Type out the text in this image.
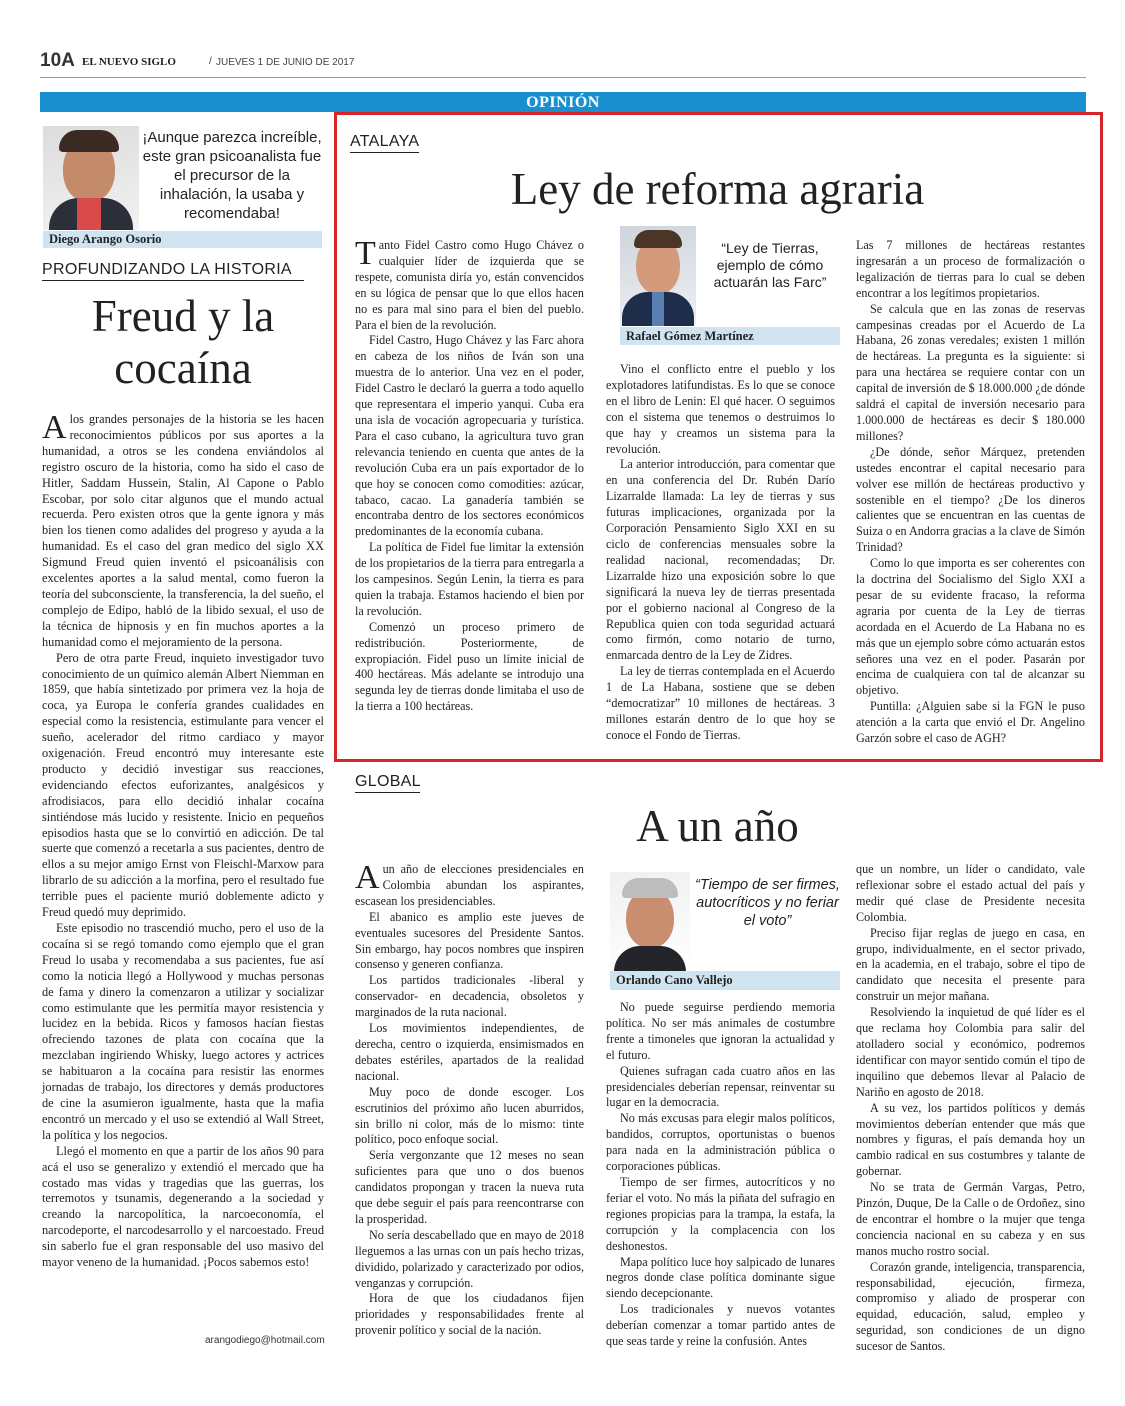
10A EL NUEVO SIGLO	/ JUEVES 1 DE JUNIO DE 2017
OPINIÓN
¡Aunque parezca increíble, este gran psicoanalista fue el precursor de la inhalación, la usaba y recomendaba!
Diego Arango Osorio
PROFUNDIZANDO LA HISTORIA
Freud y la
cocaína

Alos grandes personajes de la historia se les hacen reconocimientos públicos por sus aportes a la humanidad, a otros se les condena enviándolos al registro oscuro de la historia, como ha sido el caso de Hitler, Saddam Hussein, Stalin, Al Capone o Pablo Escobar, por solo citar algunos que el mundo actual recuerda. Pero existen otros que la gente ignora y más bien los tienen como adalides del progreso y ayuda a la humanidad. Es el caso del gran medico del siglo XX Sigmund Freud quien inventó el psicoanálisis con excelentes aportes a la salud mental, como fueron la teoría del subconsciente, la transferencia, la del sueño, el complejo de Edipo, habló de la libido sexual, el uso de la técnica de hipnosis y en fin muchos aportes a la humanidad como el mejoramiento de la persona.

Pero de otra parte Freud, inquieto investigador tuvo conocimiento de un químico alemán Albert Niemman en 1859, que había sintetizado por primera vez la hoja de coca, ya Europa le confería grandes cualidades en especial como la resistencia, estimulante para vencer el sueño, acelerador del ritmo cardiaco y mayor oxigenación. Freud encontró muy interesante este producto y decidió investigar sus reacciones, evidenciando efectos euforizantes, analgésicos y afrodisiacos, para ello decidió inhalar cocaína sintiéndose más lucido y resistente. Inicio en pequeños episodios hasta que se lo convirtió en adicción. De tal suerte que comenzó a recetarla a sus pacientes, dentro de ellos a su mejor amigo Ernst von Fleischl-Marxow para librarlo de su adicción a la morfina, pero el resultado fue terrible pues el paciente murió doblemente adicto y Freud quedó muy deprimido.

Este episodio no trascendió mucho, pero el uso de la cocaína si se regó tomando como ejemplo que el gran Freud lo usaba y recomendaba a sus pacientes, fue así como la noticia llegó a Hollywood y muchas personas de fama y dinero la comenzaron a utilizar y socializar como estimulante que les permitía mayor resistencia y lucidez en la bebida. Ricos y famosos hacían fiestas ofreciendo tazones de plata con cocaína que la mezclaban ingiriendo Whisky, luego actores y actrices se habituaron a la cocaína para resistir las enormes jornadas de trabajo, los directores y demás productores de cine la asumieron igualmente, hasta que la mafia encontró un mercado y el uso se extendió al Wall Street, la política y los negocios.

Llegó el momento en que a partir de los años 90 para acá el uso se generalizo y extendió el mercado que ha costado mas vidas y tragedias que las guerras, los terremotos y tsunamis, degenerando a la sociedad y creando la narcopolítica, la narcoeconomía, el narcodeporte, el narcodesarrollo y el narcoestado. Freud sin saberlo fue el gran responsable del uso masivo del mayor veneno de la humanidad. ¡Pocos sabemos esto!

arangodiego@hotmail.com
ATALAYA
Ley de reforma agraria

Tanto Fidel Castro como Hugo Chávez o cualquier líder de izquierda que se respete, comunista diría yo, están convencidos en su lógica de pensar que lo que ellos hacen no es para mal sino para el bien del pueblo. Para el bien de la revolución.

Fidel Castro, Hugo Chávez y las Farc ahora en cabeza de los niños de Iván son una muestra de lo anterior. Una vez en el poder, Fidel Castro le declaró la guerra a todo aquello que representara el imperio yanqui. Cuba era una isla de vocación agropecuaria y turística. Para el caso cubano, la agricultura tuvo gran relevancia teniendo en cuenta que antes de la revolución Cuba era un país exportador de lo que hoy se conocen como comodities: azúcar, tabaco, cacao. La ganadería también se encontraba dentro de los sectores económicos predominantes de la economía cubana.

La política de Fidel fue limitar la extensión de los propietarios de la tierra para entregarla a los campesinos. Según Lenin, la tierra es para quien la trabaja. Estamos haciendo el bien por la revolución.

Comenzó un proceso primero de redistribución. Posteriormente, de expropiación. Fidel puso un límite inicial de 400 hectáreas. Más adelante se introdujo una segunda ley de tierras donde limitaba el uso de la tierra a 100 hectáreas.

“Ley de Tierras, ejemplo de cómo actuarán las Farc”
Rafael Gómez Martínez

Vino el conflicto entre el pueblo y los explotadores latifundistas. Es lo que se conoce en el libro de Lenin: El qué hacer. O seguimos con el sistema que tenemos o destruimos lo que hay y creamos un sistema para la revolución.

La anterior introducción, para comentar que en una conferencia del Dr. Rubén Darío Lizarralde llamada: La ley de tierras y sus futuras implicaciones, organizada por la Corporación Pensamiento Siglo XXI en su ciclo de conferencias mensuales sobre la realidad nacional, recomendadas; Dr. Lizarralde hizo una exposición sobre lo que significará la nueva ley de tierras presentada por el gobierno nacional al Congreso de la Republica quien con toda seguridad actuará como firmón, como notario de turno, enmarcada dentro de la Ley de Zidres.

La ley de tierras contemplada en el Acuerdo 1 de La Habana, sostiene que se deben “democratizar” 10 millones de hectáreas. 3 millones estarán dentro de lo que hoy se conoce el Fondo de Tierras.

Las 7 millones de hectáreas restantes ingresarán a un proceso de formalización o legalización de tierras para lo cual se deben encontrar a los legítimos propietarios.

Se calcula que en las zonas de reservas campesinas creadas por el Acuerdo de La Habana, 26 zonas veredales; existen 1 millón de hectáreas. La pregunta es la siguiente: si para una hectárea se requiere contar con un capital de inversión de $ 18.000.000 ¿de dónde saldrá el capital de inversión necesario para 1.000.000 de hectáreas es decir $ 180.000 millones?

¿De dónde, señor Márquez, pretenden ustedes encontrar el capital necesario para volver ese millón de hectáreas productivo y sostenible en el tiempo? ¿De los dineros calientes que se encuentran en las cuentas de Suiza o en Andorra gracias a la clave de Simón Trinidad?

Como lo que importa es ser coherentes con la doctrina del Socialismo del Siglo XXI a pesar de su evidente fracaso, la reforma agraria por cuenta de la Ley de tierras acordada en el Acuerdo de La Habana no es más que un ejemplo sobre cómo actuarán estos señores una vez en el poder. Pasarán por encima de cualquiera con tal de alcanzar su objetivo.

Puntilla: ¿Alguien sabe si la FGN le puso atención a la carta que envió el Dr. Angelino Garzón sobre el caso de AGH?

GLOBAL
A un año

Aun año de elecciones presidenciales en Colombia abundan los aspirantes, escasean los presidenciables.

El abanico es amplio este jueves de eventuales sucesores del Presidente Santos. Sin embargo, hay pocos nombres que inspiren consenso y generen confianza.

Los partidos tradicionales -liberal y conservador- en decadencia, obsoletos y marginados de la ruta nacional.

Los movimientos independientes, de derecha, centro o izquierda, ensimismados en debates estériles, apartados de la realidad nacional.

Muy poco de donde escoger. Los escrutinios del próximo año lucen aburridos, sin brillo ni color, más de lo mismo: tinte político, poco enfoque social.

Sería vergonzante que 12 meses no sean suficientes para que uno o dos buenos candidatos propongan y tracen la nueva ruta que debe seguir el país para reencontrarse con la prosperidad.

No sería descabellado que en mayo de 2018 lleguemos a las urnas con un país hecho trizas, dividido, polarizado y caracterizado por odios, venganzas y corrupción.

Hora de que los ciudadanos fijen prioridades y responsabilidades frente al provenir político y social de la nación.

“Tiempo de ser firmes, autocríticos y no feriar el voto”
Orlando Cano Vallejo

No puede seguirse perdiendo memoria política. No ser más animales de costumbre frente a timoneles que ignoran la actualidad y el futuro.

Quienes sufragan cada cuatro años en las presidenciales deberían repensar, reinventar su lugar en la democracia.

No más excusas para elegir malos políticos, bandidos, corruptos, oportunistas o buenos para nada en la administración pública o corporaciones públicas.

Tiempo de ser firmes, autocríticos y no feriar el voto. No más la piñata del sufragio en regiones propicias para la trampa, la estafa, la corrupción y la complacencia con los deshonestos.

Mapa político luce hoy salpicado de lunares negros donde clase política dominante sigue siendo decepcionante.

Los tradicionales y nuevos votantes deberían comenzar a tomar partido antes de que seas tarde y reine la confusión. Antes

que un nombre, un líder o candidato, vale reflexionar sobre el estado actual del país y medir qué clase de Presidente necesita Colombia.

Preciso fijar reglas de juego en casa, en grupo, individualmente, en el sector privado, en la academia, en el trabajo, sobre el tipo de candidato que necesita el presente para construir un mejor mañana.

Resolviendo la inquietud de qué líder es el que reclama hoy Colombia para salir del atolladero social y económico, podremos identificar con mayor sentido común el tipo de inquilino que debemos llevar al Palacio de Nariño en agosto de 2018.

A su vez, los partidos políticos y demás movimientos deberían entender que más que nombres y figuras, el país demanda hoy un cambio radical en sus costumbres y talante de gobernar.

No se trata de Germán Vargas, Petro, Pinzón, Duque, De la Calle o de Ordoñez, sino de encontrar el hombre o la mujer que tenga conciencia nacional en su cabeza y en sus manos mucho rostro social.

Corazón grande, inteligencia, transparencia, responsabilidad, ejecución, firmeza, compromiso y aliado de prosperar con equidad, educación, salud, empleo y seguridad, son condiciones de un digno sucesor de Santos.
